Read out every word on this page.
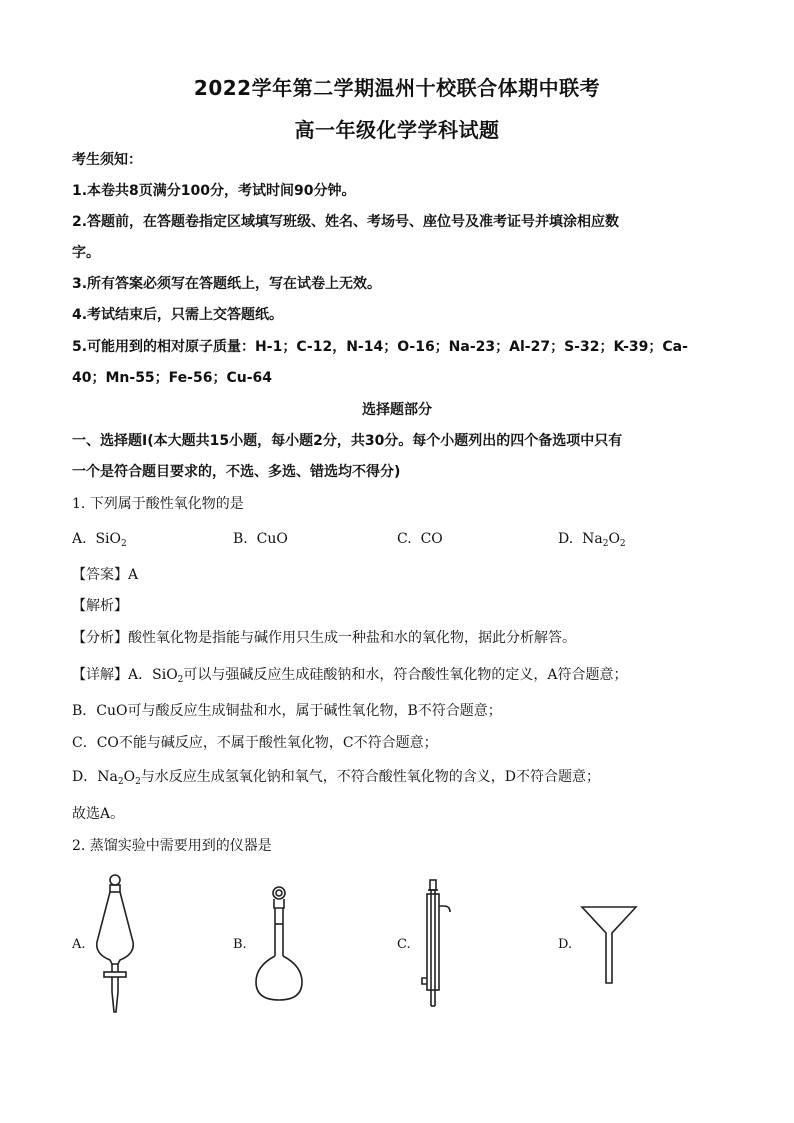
2022学年第二学期温州十校联合体期中联考
高一年级化学学科试题
考生须知：
1.本卷共8页满分100分，考试时间90分钟。
2.答题前，在答题卷指定区域填写班级、姓名、考场号、座位号及准考证号并填涂相应数
字。
3.所有答案必须写在答题纸上，写在试卷上无效。
4.考试结束后，只需上交答题纸。
5.可能用到的相对原子质量：H-1；C-12，N-14；O-16；Na-23；Al-27；S-32；K-39；Ca-
40；Mn-55；Fe-56；Cu-64
选择题部分
一、选择题Ⅰ(本大题共15小题，每小题2分，共30分。每个小题列出的四个备选项中只有
一个是符合题目要求的，不选、多选、错选均不得分)
1. 下列属于酸性氧化物的是
A. SiO$_2$	B. CuO	C. CO	D. $Na_2O_2$
【答案】A
【解析】
【分析】酸性氧化物是指能与碱作用只生成一种盐和水的氧化物，据此分析解答。
【详解】A．SiO$_2$可以与强碱反应生成硅酸钠和水，符合酸性氧化物的定义，A符合题意；
B．CuO可与酸反应生成铜盐和水，属于碱性氧化物，B不符合题意；
C．CO不能与碱反应，不属于酸性氧化物，C不符合题意；
D．$Na_2O_2$与水反应生成氢氧化钠和氧气，不符合酸性氧化物的含义，D不符合题意；
故选A。
2. 蒸馏实验中需要用到的仪器是
A.	B.	C.	D.
